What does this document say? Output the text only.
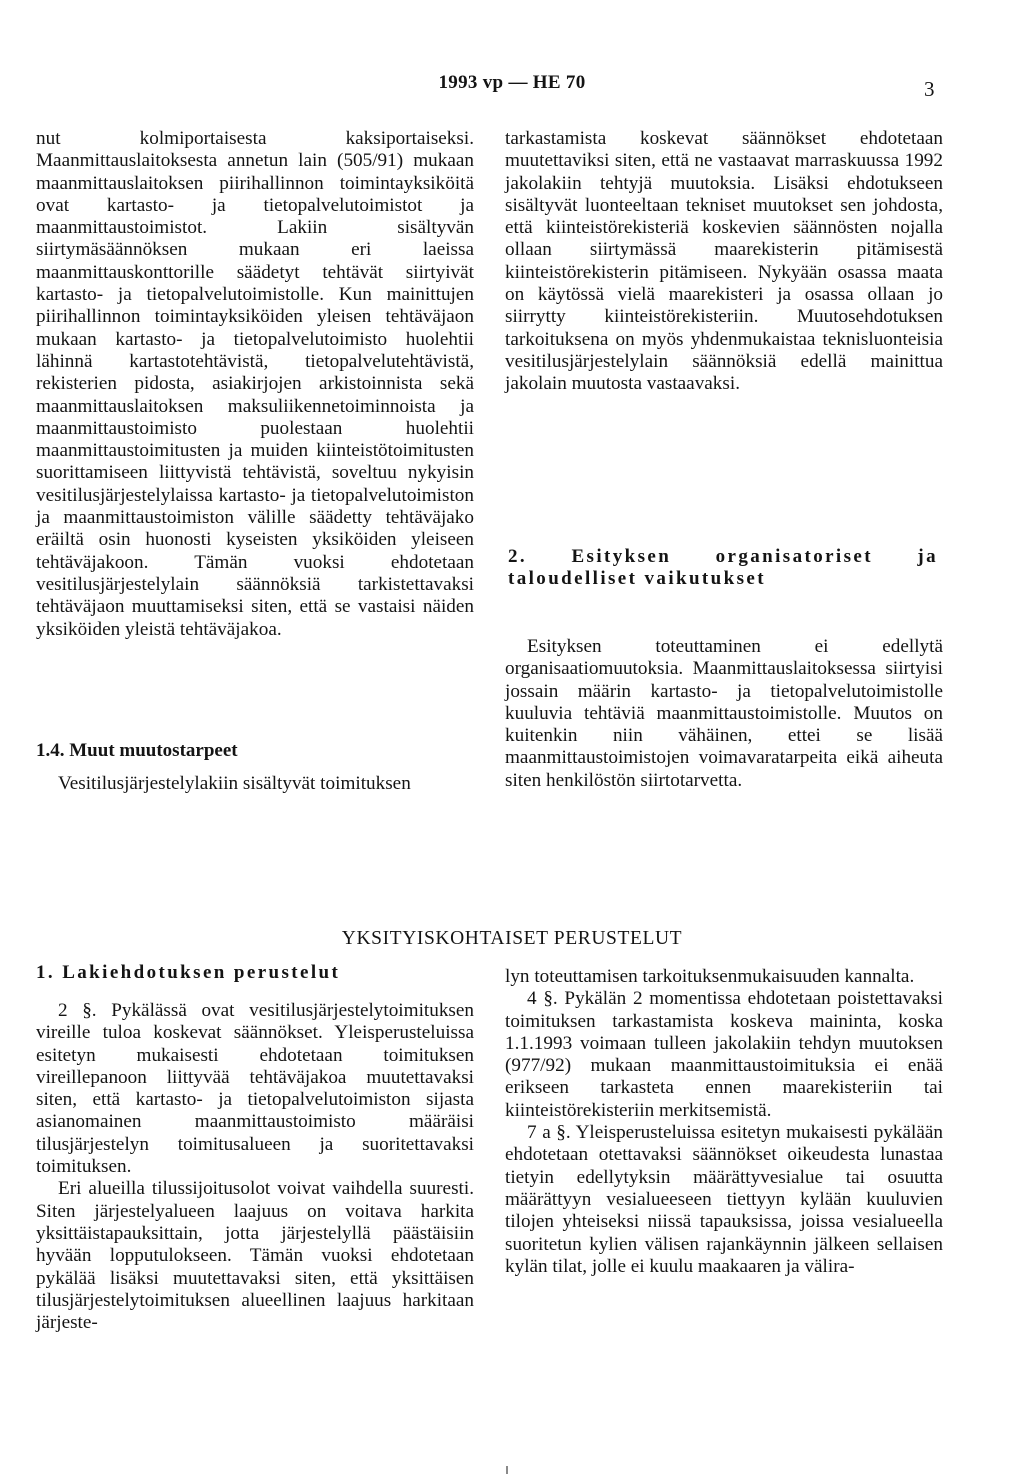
1993 vp — HE 70	3

nut kolmiportaisesta kaksiportaiseksi. Maanmittauslaitoksesta annetun lain (505/91) mukaan maanmittauslaitoksen piirihallinnon toimintayksiköitä ovat kartasto- ja tietopalvelutoimistot ja maanmittaustoimistot. Lakiin sisältyvän siirtymäsäännöksen mukaan eri laeissa maanmittauskonttorille säädetyt tehtävät siirtyivät kartasto- ja tietopalvelutoimistolle. Kun mainittujen piirihallinnon toimintayksiköiden yleisen tehtäväjaon mukaan kartasto- ja tietopalvelutoimisto huolehtii lähinnä kartastotehtävistä, tietopalvelutehtävistä, rekisterien pidosta, asiakirjojen arkistoinnista sekä maanmittauslaitoksen maksuliikennetoiminnoista ja maanmittaustoimisto puolestaan huolehtii maanmittaustoimitusten ja muiden kiinteistötoimitusten suorittamiseen liittyvistä tehtävistä, soveltuu nykyisin vesitilusjärjestelylaissa kartasto- ja tietopalvelutoimiston ja maanmittaustoimiston välille säädetty tehtäväjako eräiltä osin huonosti kyseisten yksiköiden yleiseen tehtäväjakoon. Tämän vuoksi ehdotetaan vesitilusjärjestelylain säännöksiä tarkistettavaksi tehtäväjaon muuttamiseksi siten, että se vastaisi näiden yksiköiden yleistä tehtäväjakoa.

1.4. Muut muutostarpeet

Vesitilusjärjestelylakiin sisältyvät toimituksen

tarkastamista koskevat säännökset ehdotetaan muutettaviksi siten, että ne vastaavat marraskuussa 1992 jakolakiin tehtyjä muutoksia. Lisäksi ehdotukseen sisältyvät luonteeltaan tekniset muutokset sen johdosta, että kiinteistörekisteriä koskevien säännösten nojalla ollaan siirtymässä maarekisterin pitämisestä kiinteistörekisterin pitämiseen. Nykyään osassa maata on käytössä vielä maarekisteri ja osassa ollaan jo siirrytty kiinteistörekisteriin. Muutosehdotuksen tarkoituksena on myös yhdenmukaistaa teknisluonteisia vesitilusjärjestelylain säännöksiä edellä mainittua jakolain muutosta vastaavaksi.

2. Esityksen organisatoriset ja taloudelliset vaikutukset

Esityksen toteuttaminen ei edellytä organisaatiomuutoksia. Maanmittauslaitoksessa siirtyisi jossain määrin kartasto- ja tietopalvelutoimistolle kuuluvia tehtäviä maanmittaustoimistolle. Muutos on kuitenkin niin vähäinen, ettei se lisää maanmittaustoimistojen voimavaratarpeita eikä aiheuta siten henkilöstön siirtotarvetta.

YKSITYISKOHTAISET PERUSTELUT
1. Lakiehdotuksen perustelut

2 §. Pykälässä ovat vesitilusjärjestelytoimituksen vireille tuloa koskevat säännökset. Yleisperusteluissa esitetyn mukaisesti ehdotetaan toimituksen vireillepanoon liittyvää tehtäväjakoa muutettavaksi siten, että kartasto- ja tietopalvelutoimiston sijasta asianomainen maanmittaustoimisto määräisi tilusjärjestelyn toimitusalueen ja suoritettavaksi toimituksen.

Eri alueilla tilussijoitusolot voivat vaihdella suuresti. Siten järjestelyalueen laajuus on voitava harkita yksittäistapauksittain, jotta järjestelyllä päästäisiin hyvään lopputulokseen. Tämän vuoksi ehdotetaan pykälää lisäksi muutettavaksi siten, että yksittäisen tilusjärjestelytoimituksen alueellinen laajuus harkitaan järjeste-

lyn toteuttamisen tarkoituksenmukaisuuden kannalta.

4 §. Pykälän 2 momentissa ehdotetaan poistettavaksi toimituksen tarkastamista koskeva maininta, koska 1.1.1993 voimaan tulleen jakolakiin tehdyn muutoksen (977/92) mukaan maanmittaustoimituksia ei enää erikseen tarkasteta ennen maarekisteriin tai kiinteistörekisteriin merkitsemistä.

7 a §. Yleisperusteluissa esitetyn mukaisesti pykälään ehdotetaan otettavaksi säännökset oikeudesta lunastaa tietyin edellytyksin määrättyvesialue tai osuutta määrättyyn vesialueeseen tiettyyn kylään kuuluvien tilojen yhteiseksi niissä tapauksissa, joissa vesialueella suoritetun kylien välisen rajankäynnin jälkeen sellaisen kylän tilat, jolle ei kuulu maakaaren ja välira-
